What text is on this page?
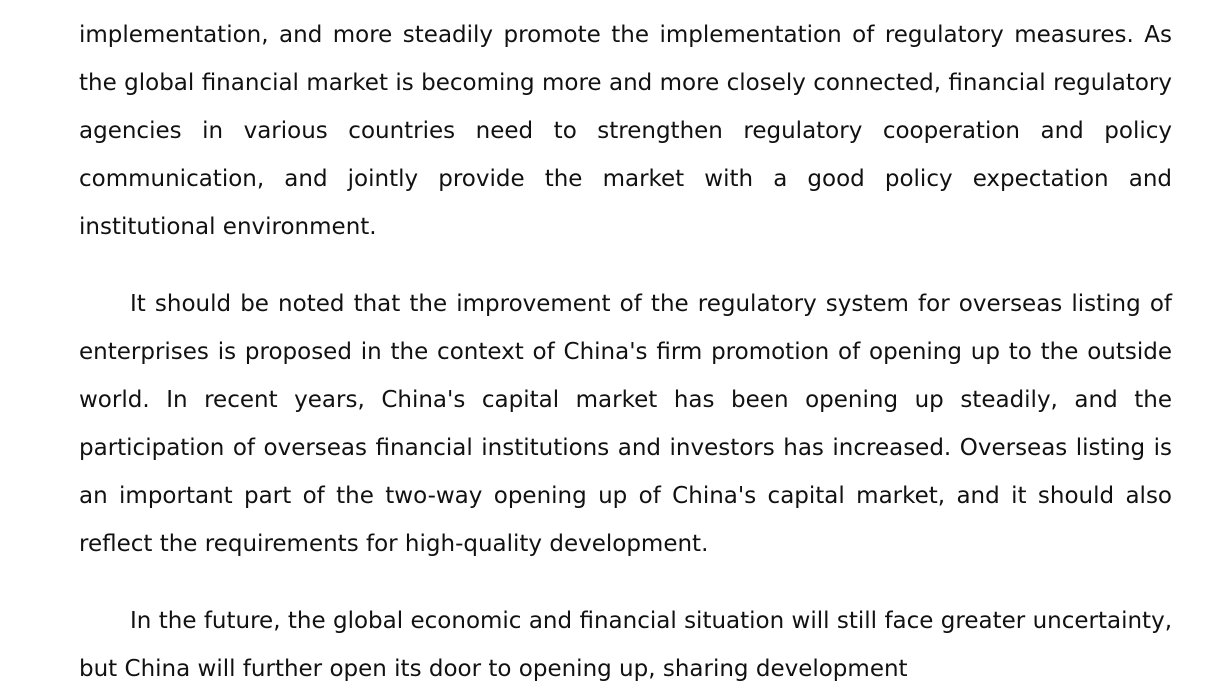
implementation, and more steadily promote the implementation of regulatory measures. As the global financial market is becoming more and more closely connected, financial regulatory agencies in various countries need to strengthen regulatory cooperation and policy communication, and jointly provide the market with a good policy expectation and institutional environment.

It should be noted that the improvement of the regulatory system for overseas listing of enterprises is proposed in the context of China's firm promotion of opening up to the outside world. In recent years, China's capital market has been opening up steadily, and the participation of overseas financial institutions and investors has increased. Overseas listing is an important part of the two-way opening up of China's capital market, and it should also reflect the requirements for high-quality development.

In the future, the global economic and financial situation will still face greater uncertainty, but China will further open its door to opening up, sharing development
